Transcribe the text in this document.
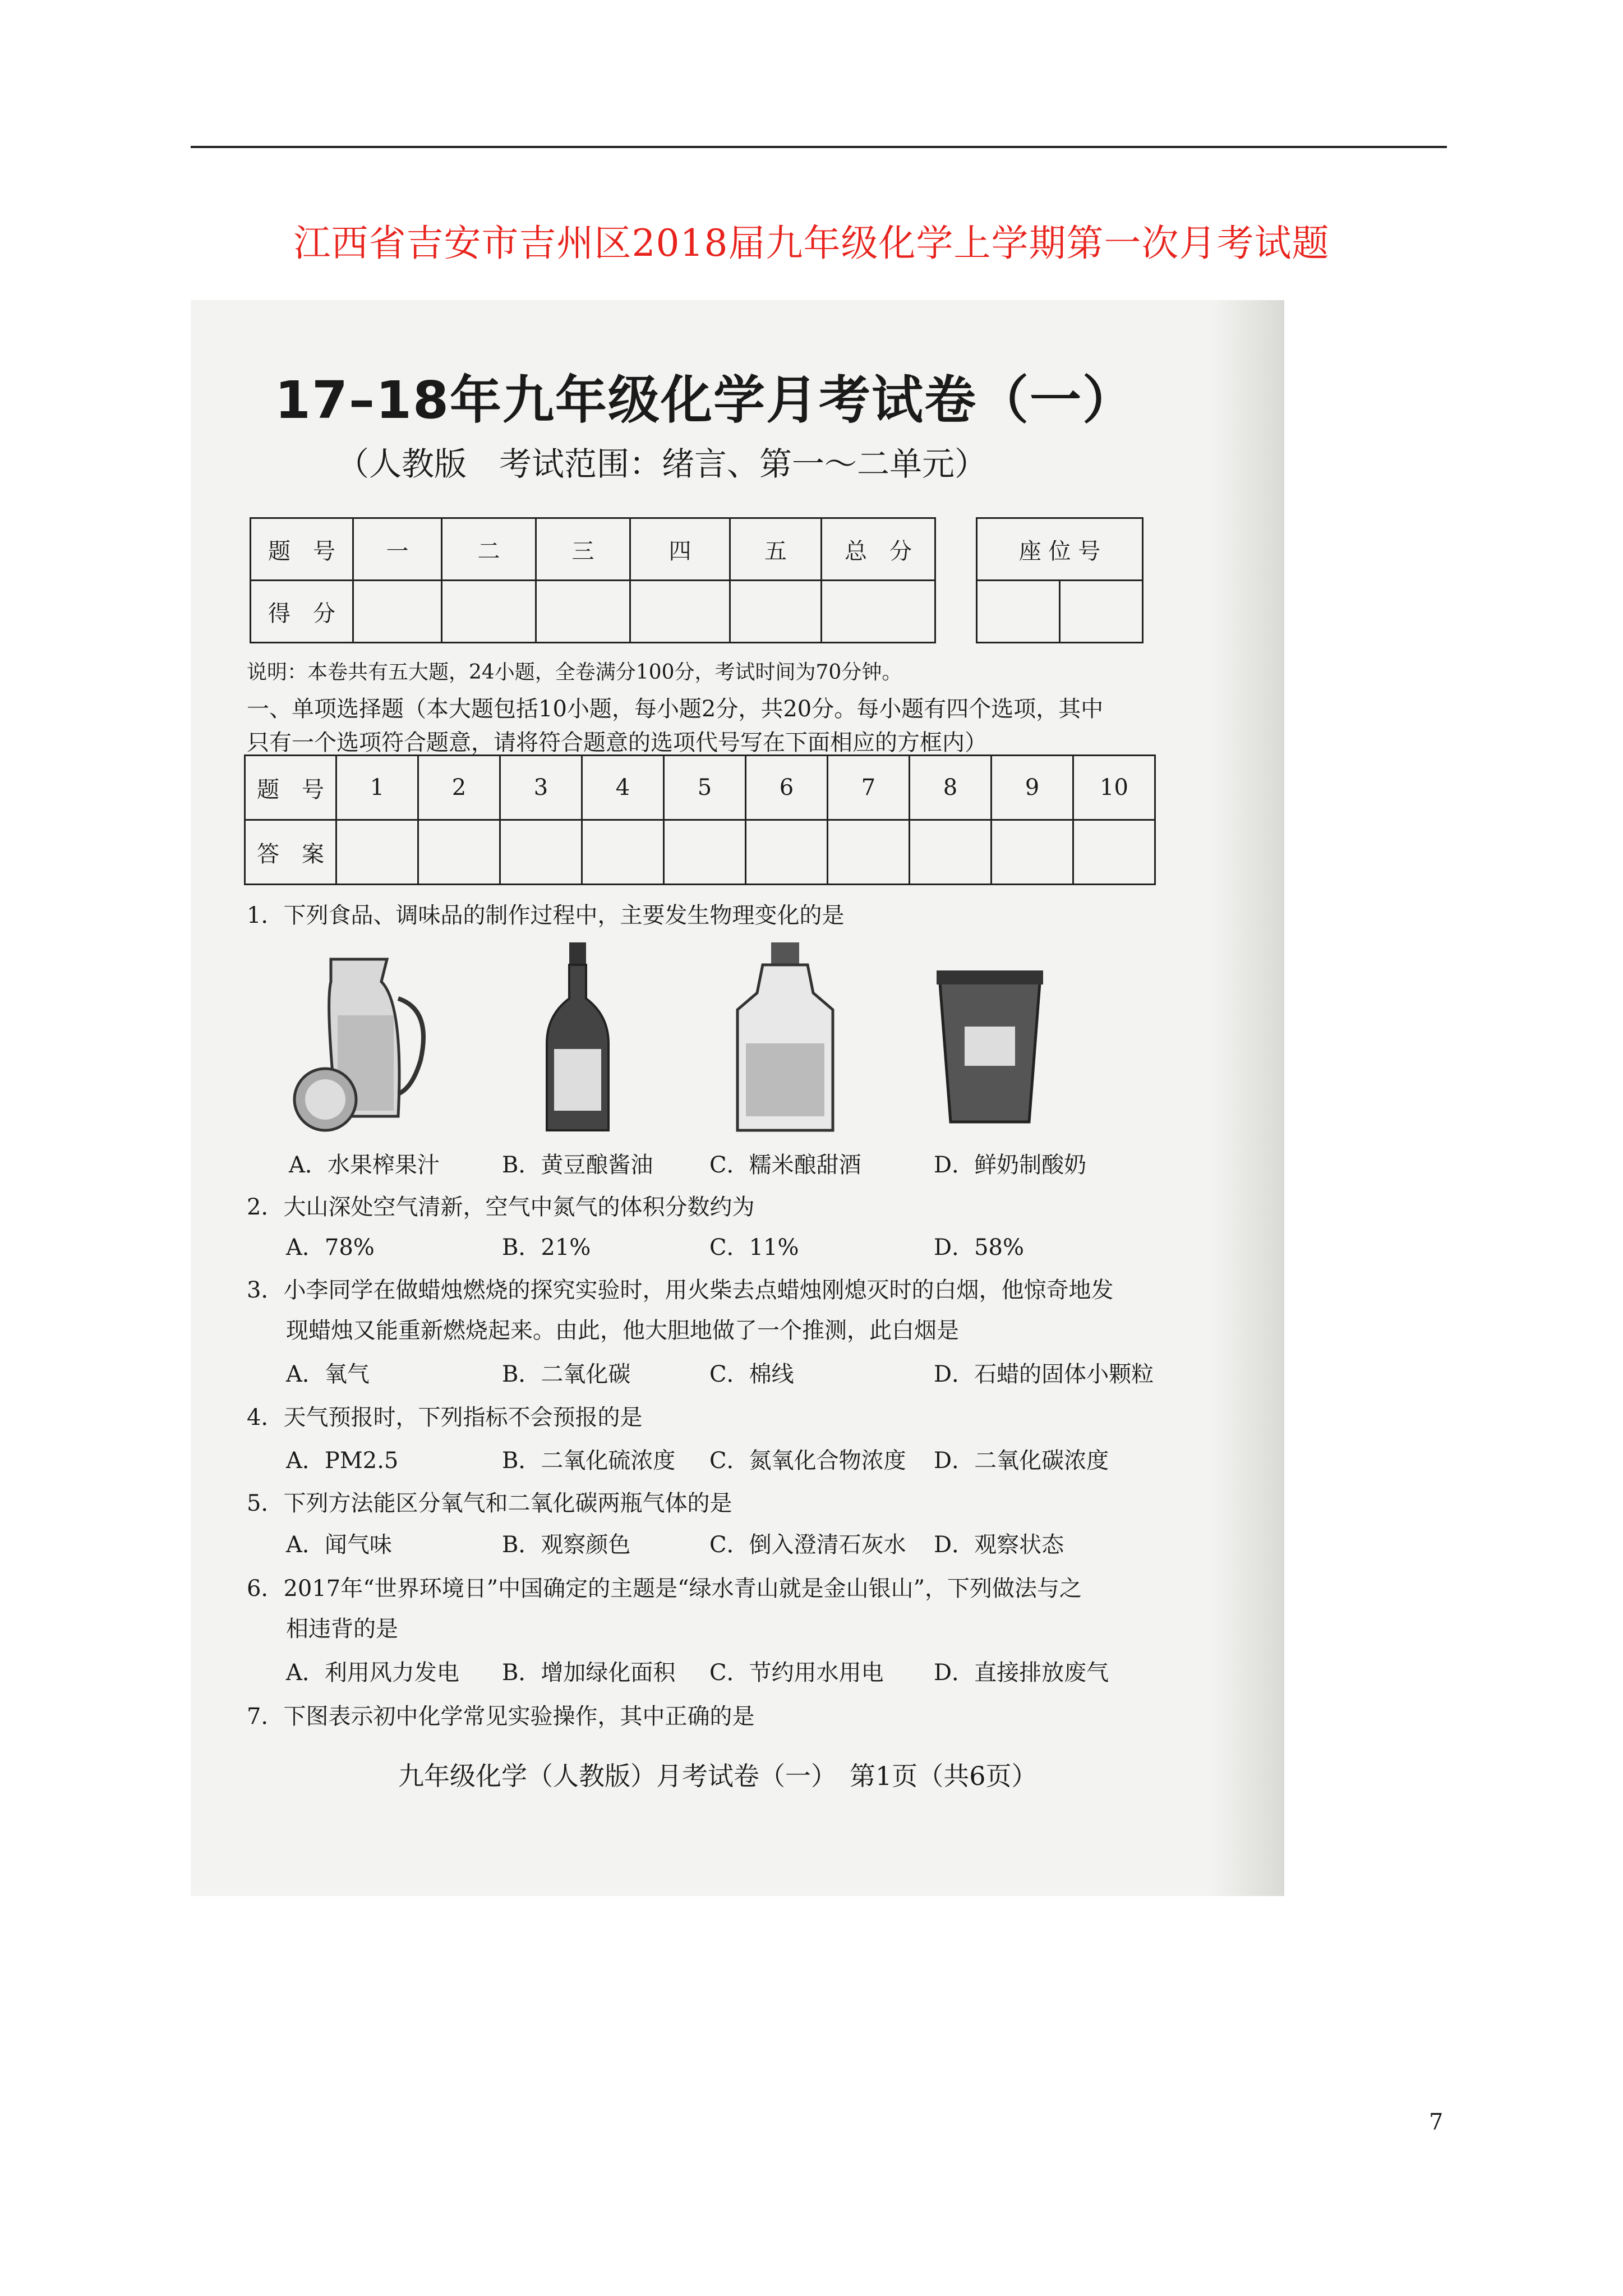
江西省吉安市吉州区2018届九年级化学上学期第一次月考试题
17–18年九年级化学月考试卷（一）
（人教版　考试范围：绪言、第一～二单元）
题　号	一	二	三	四	五	总　分
得　分						
座 位 号

说明：本卷共有五大题，24小题，全卷满分100分，考试时间为70分钟。
一、单项选择题（本大题包括10小题，每小题2分，共20分。每小题有四个选项，其中
只有一个选项符合题意，请将符合题意的选项代号写在下面相应的方框内）
题　号	1	2	3	4	5	6	7	8	9	10
答　案										
1．下列食品、调味品的制作过程中，主要发生物理变化的是
A．水果榨果汁	B．黄豆酿酱油	C．糯米酿甜酒	D．鲜奶制酸奶
2．大山深处空气清新，空气中氮气的体积分数约为
A．78%	B．21%	C．11%	D．58%
3．小李同学在做蜡烛燃烧的探究实验时，用火柴去点蜡烛刚熄灭时的白烟，他惊奇地发
现蜡烛又能重新燃烧起来。由此，他大胆地做了一个推测，此白烟是
A．氧气	B．二氧化碳	C．棉线	D．石蜡的固体小颗粒
4．天气预报时，下列指标不会预报的是
A．PM2.5	B．二氧化硫浓度 C．氮氧化合物浓度 D．二氧化碳浓度
5．下列方法能区分氧气和二氧化碳两瓶气体的是
A．闻气味	B．观察颜色	C．倒入澄清石灰水 D．观察状态
6．2017年“世界环境日”中国确定的主题是“绿水青山就是金山银山”，下列做法与之
相违背的是
A．利用风力发电 B．增加绿化面积 C．节约用水用电 D．直接排放废气
7．下图表示初中化学常见实验操作，其中正确的是
九年级化学（人教版）月考试卷（一）　第1页（共6页）
7
